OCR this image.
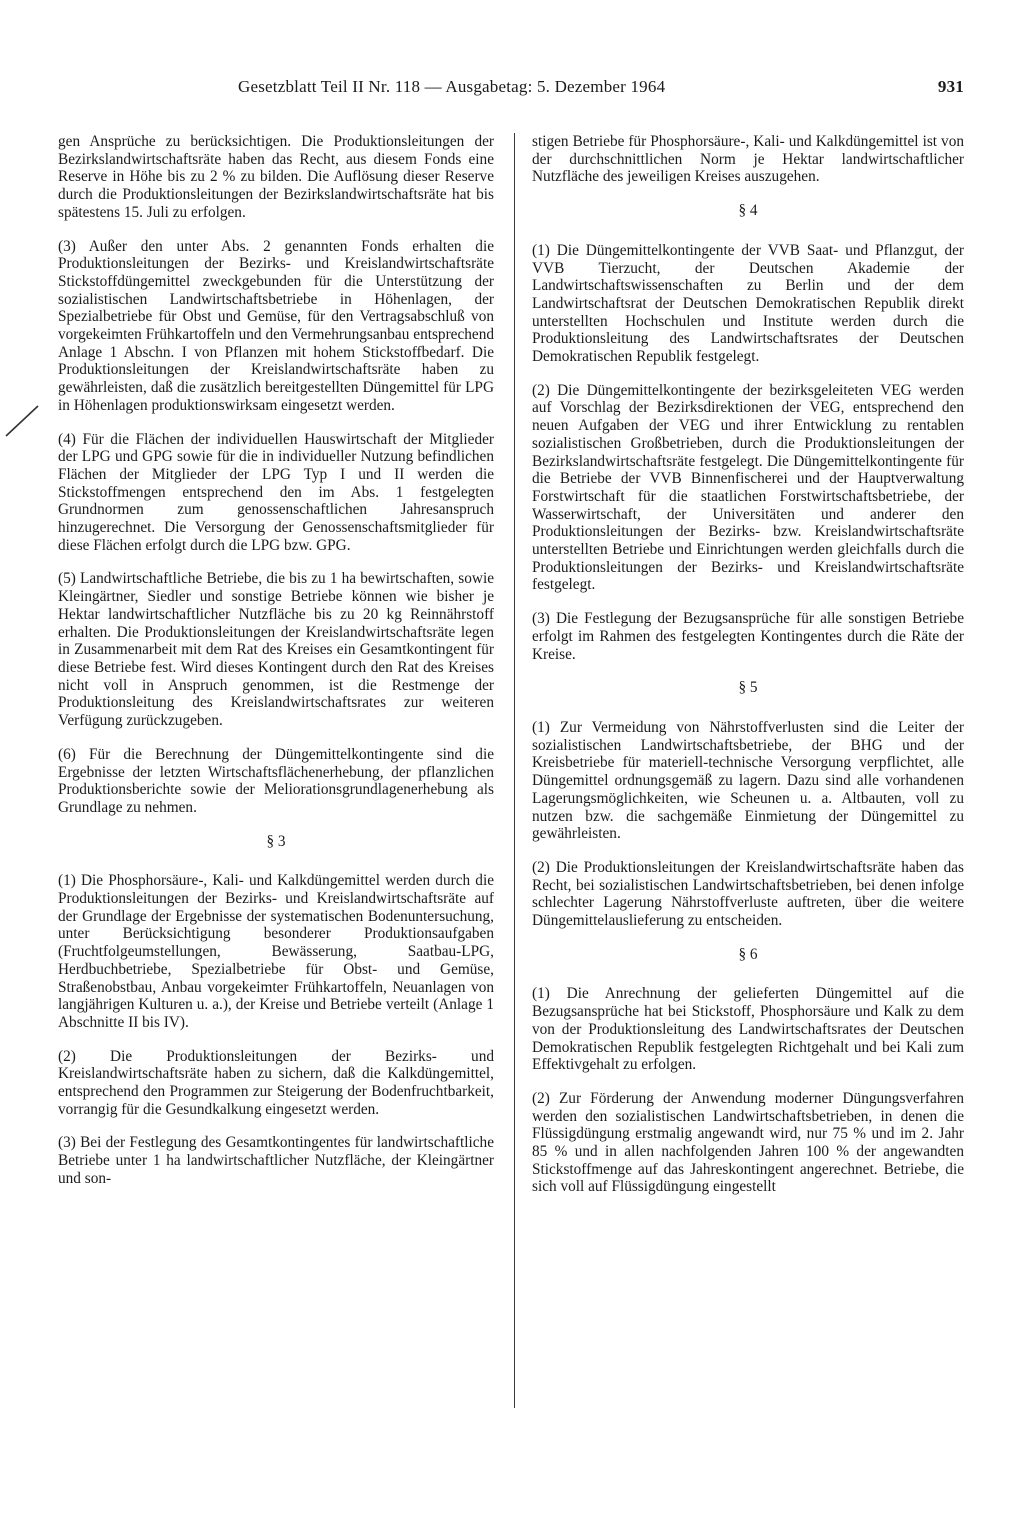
Gesetzblatt Teil II Nr. 118 — Ausgabetag: 5. Dezember 1964	931

gen Ansprüche zu berücksichtigen. Die Produktionsleitungen der Bezirkslandwirtschaftsräte haben das Recht, aus diesem Fonds eine Reserve in Höhe bis zu 2 % zu bilden. Die Auflösung dieser Reserve durch die Produktionsleitungen der Bezirkslandwirtschaftsräte hat bis spätestens 15. Juli zu erfolgen.

(3) Außer den unter Abs. 2 genannten Fonds erhalten die Produktionsleitungen der Bezirks- und Kreislandwirtschaftsräte Stickstoffdüngemittel zweckgebunden für die Unterstützung der sozialistischen Landwirtschaftsbetriebe in Höhenlagen, der Spezialbetriebe für Obst und Gemüse, für den Vertragsabschluß von vorgekeimten Frühkartoffeln und den Vermehrungsanbau entsprechend Anlage 1 Abschn. I von Pflanzen mit hohem Stickstoffbedarf. Die Produktionsleitungen der Kreislandwirtschaftsräte haben zu gewährleisten, daß die zusätzlich bereitgestellten Düngemittel für LPG in Höhenlagen produktionswirksam eingesetzt werden.

(4) Für die Flächen der individuellen Hauswirtschaft der Mitglieder der LPG und GPG sowie für die in individueller Nutzung befindlichen Flächen der Mitglieder der LPG Typ I und II werden die Stickstoffmengen entsprechend den im Abs. 1 festgelegten Grundnormen zum genossenschaftlichen Jahresanspruch hinzugerechnet. Die Versorgung der Genossenschaftsmitglieder für diese Flächen erfolgt durch die LPG bzw. GPG.

(5) Landwirtschaftliche Betriebe, die bis zu 1 ha bewirtschaften, sowie Kleingärtner, Siedler und sonstige Betriebe können wie bisher je Hektar landwirtschaftlicher Nutzfläche bis zu 20 kg Reinnährstoff erhalten. Die Produktionsleitungen der Kreislandwirtschaftsräte legen in Zusammenarbeit mit dem Rat des Kreises ein Gesamtkontingent für diese Betriebe fest. Wird dieses Kontingent durch den Rat des Kreises nicht voll in Anspruch genommen, ist die Restmenge der Produktionsleitung des Kreislandwirtschaftsrates zur weiteren Verfügung zurückzugeben.

(6) Für die Berechnung der Düngemittelkontingente sind die Ergebnisse der letzten Wirtschaftsflächenerhebung, der pflanzlichen Produktionsberichte sowie der Meliorationsgrundlagenerhebung als Grundlage zu nehmen.

§ 3

(1) Die Phosphorsäure-, Kali- und Kalkdüngemittel werden durch die Produktionsleitungen der Bezirks- und Kreislandwirtschaftsräte auf der Grundlage der Ergebnisse der systematischen Bodenuntersuchung, unter Berücksichtigung besonderer Produktionsaufgaben (Fruchtfolgeumstellungen, Bewässerung, Saatbau-LPG, Herdbuchbetriebe, Spezialbetriebe für Obst- und Gemüse, Straßenobstbau, Anbau vorgekeimter Frühkartoffeln, Neuanlagen von langjährigen Kulturen u. a.), der Kreise und Betriebe verteilt (Anlage 1 Abschnitte II bis IV).

(2) Die Produktionsleitungen der Bezirks- und Kreislandwirtschaftsräte haben zu sichern, daß die Kalkdüngemittel, entsprechend den Programmen zur Steigerung der Bodenfruchtbarkeit, vorrangig für die Gesundkalkung eingesetzt werden.

(3) Bei der Festlegung des Gesamtkontingentes für landwirtschaftliche Betriebe unter 1 ha landwirtschaftlicher Nutzfläche, der Kleingärtner und son-

stigen Betriebe für Phosphorsäure-, Kali- und Kalkdüngemittel ist von der durchschnittlichen Norm je Hektar landwirtschaftlicher Nutzfläche des jeweiligen Kreises auszugehen.

§ 4

(1) Die Düngemittelkontingente der VVB Saat- und Pflanzgut, der VVB Tierzucht, der Deutschen Akademie der Landwirtschaftswissenschaften zu Berlin und der dem Landwirtschaftsrat der Deutschen Demokratischen Republik direkt unterstellten Hochschulen und Institute werden durch die Produktionsleitung des Landwirtschaftsrates der Deutschen Demokratischen Republik festgelegt.

(2) Die Düngemittelkontingente der bezirksgeleiteten VEG werden auf Vorschlag der Bezirksdirektionen der VEG, entsprechend den neuen Aufgaben der VEG und ihrer Entwicklung zu rentablen sozialistischen Großbetrieben, durch die Produktionsleitungen der Bezirkslandwirtschaftsräte festgelegt. Die Düngemittelkontingente für die Betriebe der VVB Binnenfischerei und der Hauptverwaltung Forstwirtschaft für die staatlichen Forstwirtschaftsbetriebe, der Wasserwirtschaft, der Universitäten und anderer den Produktionsleitungen der Bezirks- bzw. Kreislandwirtschaftsräte unterstellten Betriebe und Einrichtungen werden gleichfalls durch die Produktionsleitungen der Bezirks- und Kreislandwirtschaftsräte festgelegt.

(3) Die Festlegung der Bezugsansprüche für alle sonstigen Betriebe erfolgt im Rahmen des festgelegten Kontingentes durch die Räte der Kreise.

§ 5

(1) Zur Vermeidung von Nährstoffverlusten sind die Leiter der sozialistischen Landwirtschaftsbetriebe, der BHG und der Kreisbetriebe für materiell-technische Versorgung verpflichtet, alle Düngemittel ordnungsgemäß zu lagern. Dazu sind alle vorhandenen Lagerungsmöglichkeiten, wie Scheunen u. a. Altbauten, voll zu nutzen bzw. die sachgemäße Einmietung der Düngemittel zu gewährleisten.

(2) Die Produktionsleitungen der Kreislandwirtschaftsräte haben das Recht, bei sozialistischen Landwirtschaftsbetrieben, bei denen infolge schlechter Lagerung Nährstoffverluste auftreten, über die weitere Düngemittelauslieferung zu entscheiden.

§ 6

(1) Die Anrechnung der gelieferten Düngemittel auf die Bezugsansprüche hat bei Stickstoff, Phosphorsäure und Kalk zu dem von der Produktionsleitung des Landwirtschaftsrates der Deutschen Demokratischen Republik festgelegten Richtgehalt und bei Kali zum Effektivgehalt zu erfolgen.

(2) Zur Förderung der Anwendung moderner Düngungsverfahren werden den sozialistischen Landwirtschaftsbetrieben, in denen die Flüssigdüngung erstmalig angewandt wird, nur 75 % und im 2. Jahr 85 % und in allen nachfolgenden Jahren 100 % der angewandten Stickstoffmenge auf das Jahreskontingent angerechnet. Betriebe, die sich voll auf Flüssigdüngung eingestellt
